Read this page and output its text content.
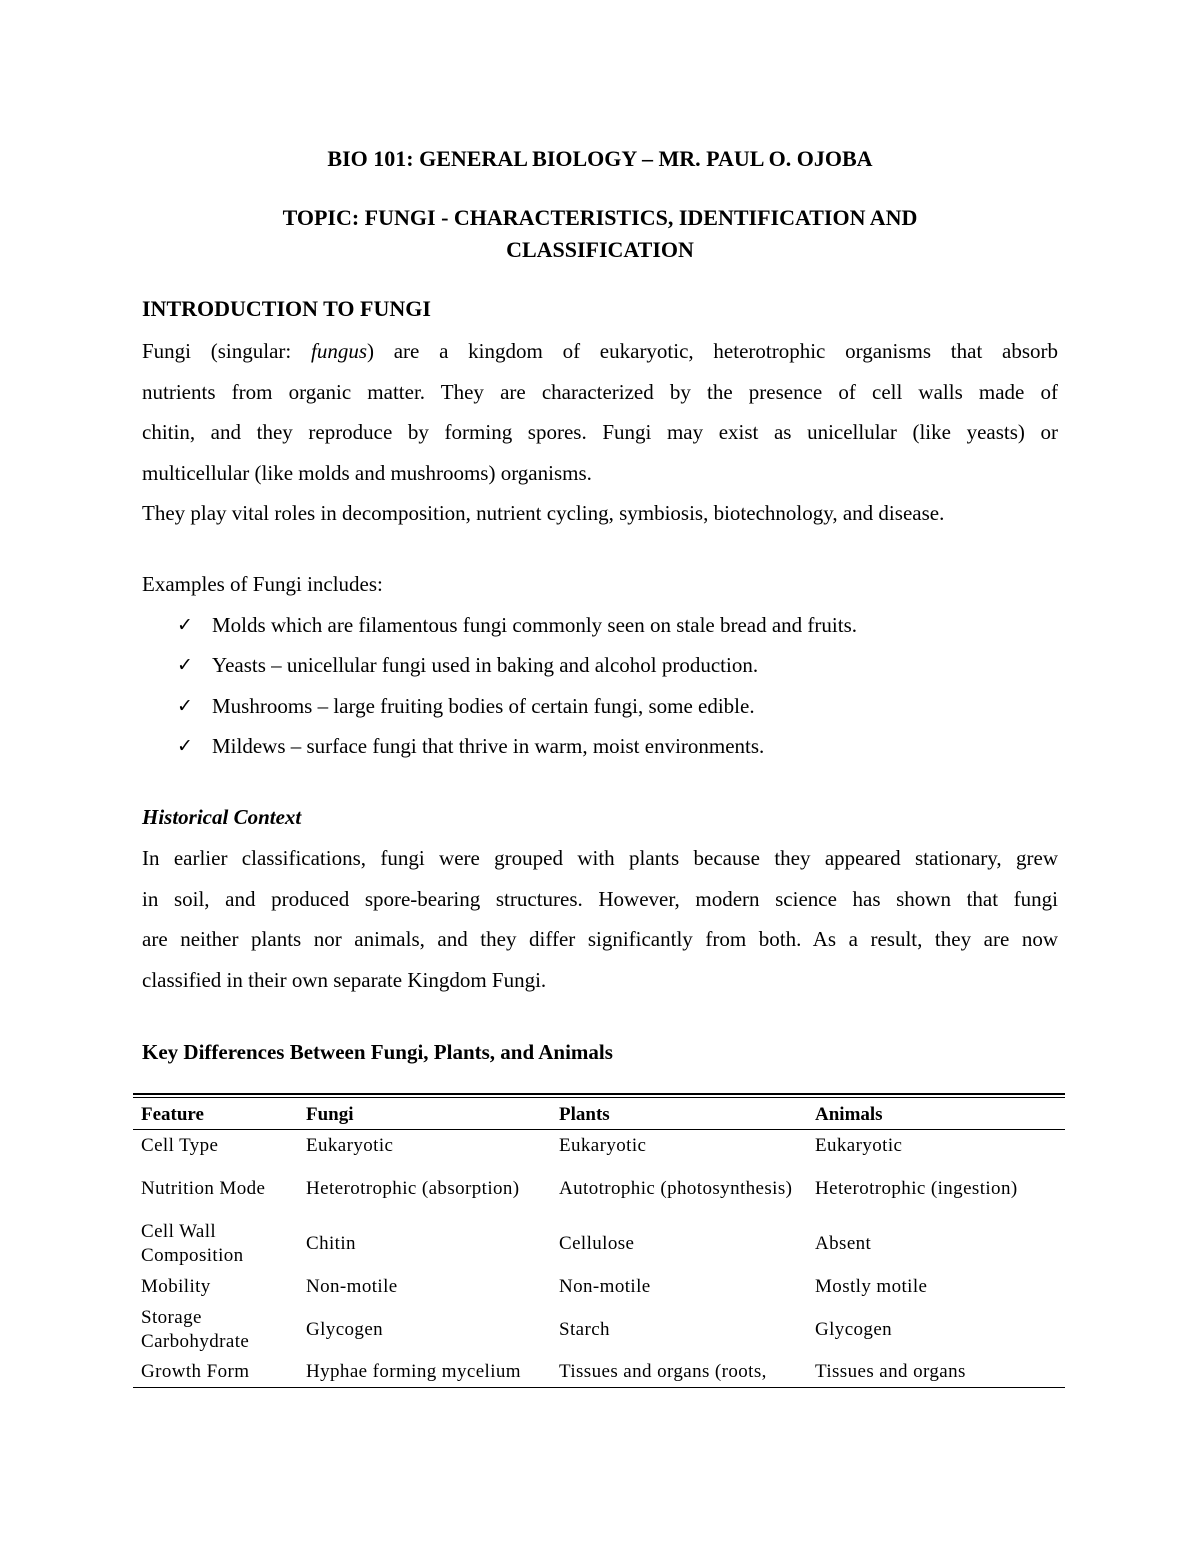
BIO 101: GENERAL BIOLOGY – MR. PAUL O. OJOBA
TOPIC: FUNGI - CHARACTERISTICS, IDENTIFICATION AND
CLASSIFICATION
INTRODUCTION TO FUNGI
Fungi (singular: fungus) are a kingdom of eukaryotic, heterotrophic organisms that absorb
nutrients from organic matter. They are characterized by the presence of cell walls made of
chitin, and they reproduce by forming spores. Fungi may exist as unicellular (like yeasts) or
multicellular (like molds and mushrooms) organisms.
They play vital roles in decomposition, nutrient cycling, symbiosis, biotechnology, and disease.
Examples of Fungi includes:
✓ Molds which are filamentous fungi commonly seen on stale bread and fruits.
✓ Yeasts – unicellular fungi used in baking and alcohol production.
✓ Mushrooms – large fruiting bodies of certain fungi, some edible.
✓ Mildews – surface fungi that thrive in warm, moist environments.
Historical Context
In earlier classifications, fungi were grouped with plants because they appeared stationary, grew
in soil, and produced spore-bearing structures. However, modern science has shown that fungi
are neither plants nor animals, and they differ significantly from both. As a result, they are now
classified in their own separate Kingdom Fungi.
Key Differences Between Fungi, Plants, and Animals
Feature	Fungi	Plants	Animals
Cell Type	Eukaryotic	Eukaryotic	Eukaryotic
Nutrition Mode	Heterotrophic (absorption)	Autotrophic (photosynthesis)	Heterotrophic (ingestion)
Cell Wall Composition	Chitin	Cellulose	Absent
Mobility	Non-motile	Non-motile	Mostly motile
Storage Carbohydrate	Glycogen	Starch	Glycogen
Growth Form	Hyphae forming mycelium	Tissues and organs (roots,	Tissues and organs
